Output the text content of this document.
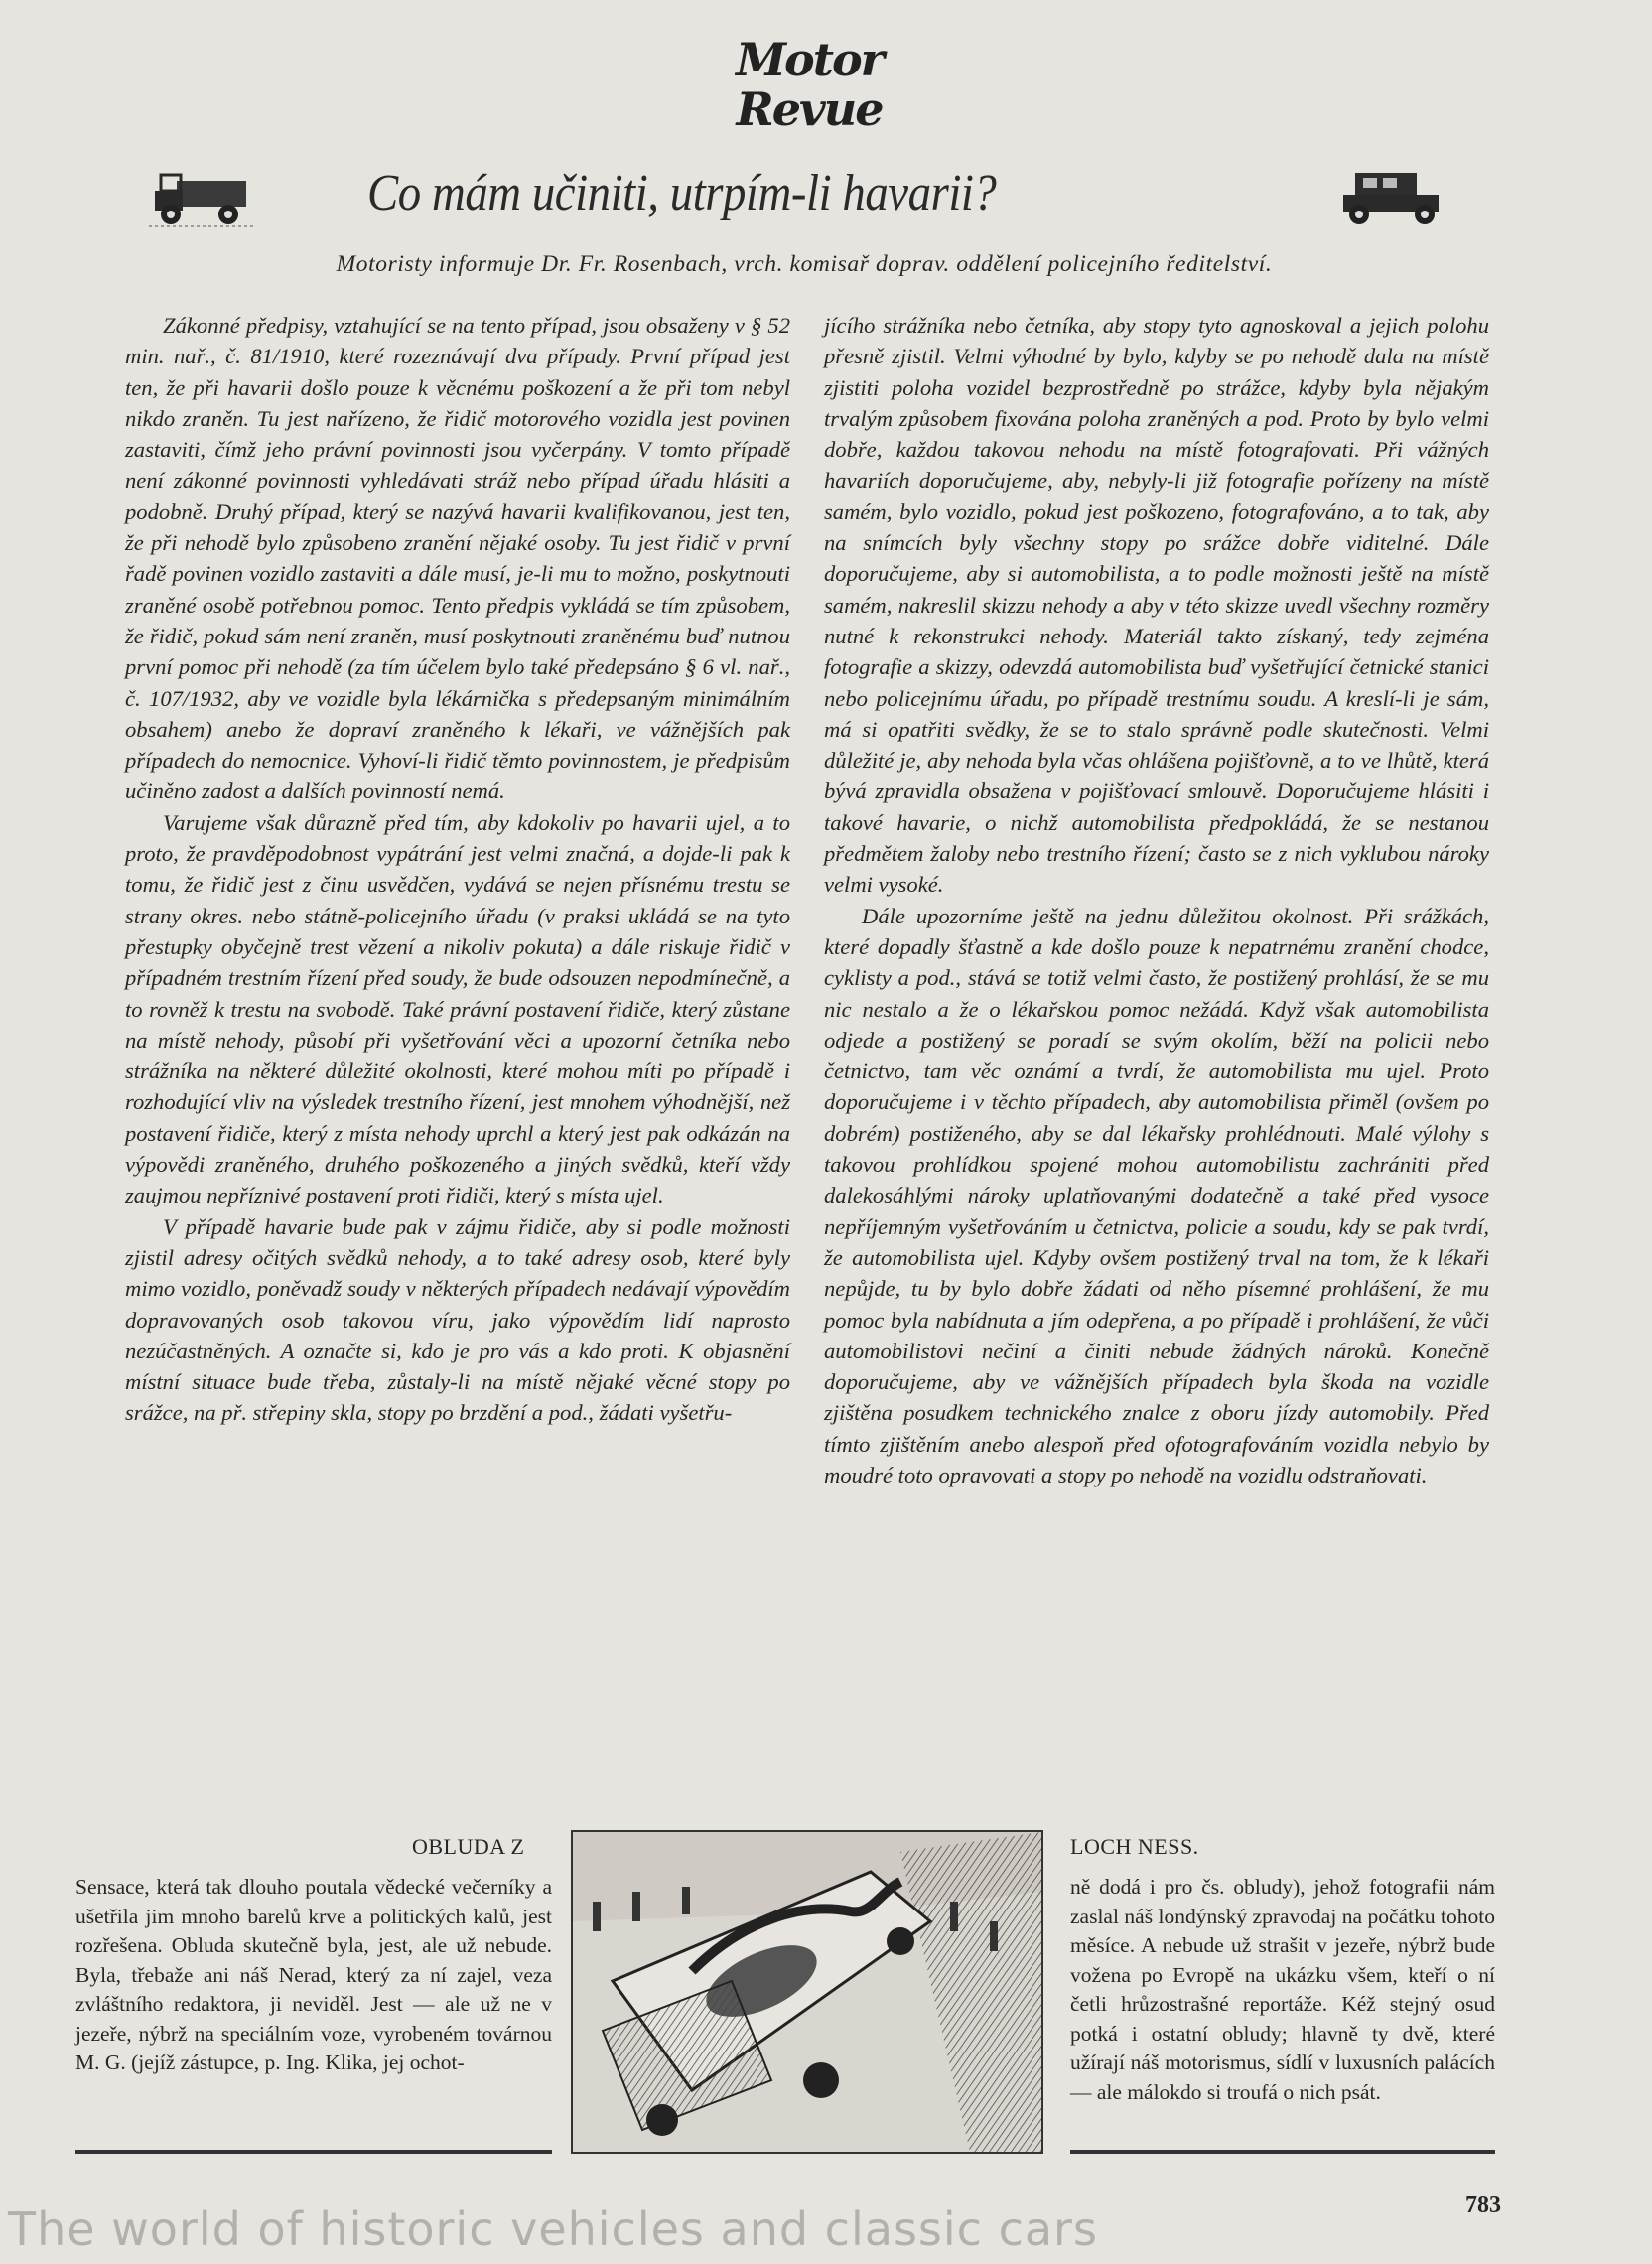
Motor
Revue
Co mám učiniti, utrpím-li havarii?
Motoristy informuje Dr. Fr. Rosenbach, vrch. komisař doprav. oddělení policejního ředitelství.

Zákonné předpisy, vztahující se na tento případ, jsou obsaženy v § 52 min. nař., č. 81/1910, které rozeznávají dva případy. První případ jest ten, že při havarii došlo pouze k věcnému poškození a že při tom nebyl nikdo zraněn. Tu jest nařízeno, že řidič motorového vozidla jest povinen zastaviti, čímž jeho právní povinnosti jsou vyčerpány. V tomto případě není zákonné povinnosti vyhledávati stráž nebo případ úřadu hlásiti a podobně. Druhý případ, který se nazývá havarii kvalifikovanou, jest ten, že při nehodě bylo způsobeno zranění nějaké osoby. Tu jest řidič v první řadě povinen vozidlo zastaviti a dále musí, je-li mu to možno, poskytnouti zraněné osobě potřebnou pomoc. Tento předpis vykládá se tím způsobem, že řidič, pokud sám není zraněn, musí poskytnouti zraněnému buď nutnou první pomoc při nehodě (za tím účelem bylo také předepsáno § 6 vl. nař., č. 107/1932, aby ve vozidle byla lékárnička s předepsaným minimálním obsahem) anebo že dopraví zraněného k lékaři, ve vážnějších pak případech do nemocnice. Vyhoví-li řidič těmto povinnostem, je předpisům učiněno zadost a dalších povinností nemá.

Varujeme však důrazně před tím, aby kdokoliv po havarii ujel, a to proto, že pravděpodobnost vypátrání jest velmi značná, a dojde-li pak k tomu, že řidič jest z činu usvědčen, vydává se nejen přísnému trestu se strany okres. nebo státně-policejního úřadu (v praksi ukládá se na tyto přestupky obyčejně trest vězení a nikoliv pokuta) a dále riskuje řidič v případném trestním řízení před soudy, že bude odsouzen nepodmínečně, a to rovněž k trestu na svobodě. Také právní postavení řidiče, který zůstane na místě nehody, působí při vyšetřování věci a upozorní četníka nebo strážníka na některé důležité okolnosti, které mohou míti po případě i rozhodující vliv na výsledek trestního řízení, jest mnohem výhodnější, než postavení řidiče, který z místa nehody uprchl a který jest pak odkázán na výpovědi zraněného, druhého poškozeného a jiných svědků, kteří vždy zaujmou nepříznivé postavení proti řidiči, který s místa ujel.

V případě havarie bude pak v zájmu řidiče, aby si podle možnosti zjistil adresy očitých svědků nehody, a to také adresy osob, které byly mimo vozidlo, poněvadž soudy v některých případech nedávají výpovědím dopravovaných osob takovou víru, jako výpovědím lidí naprosto nezúčastněných. A označte si, kdo je pro vás a kdo proti. K objasnění místní situace bude třeba, zůstaly-li na místě nějaké věcné stopy po srážce, na př. střepiny skla, stopy po brzdění a pod., žádati vyšetřu-

jícího strážníka nebo četníka, aby stopy tyto agnoskoval a jejich polohu přesně zjistil. Velmi výhodné by bylo, kdyby se po nehodě dala na místě zjistiti poloha vozidel bezprostředně po strážce, kdyby byla nějakým trvalým způsobem fixována poloha zraněných a pod. Proto by bylo velmi dobře, každou takovou nehodu na místě fotografovati. Při vážných havariích doporučujeme, aby, nebyly-li již fotografie pořízeny na místě samém, bylo vozidlo, pokud jest poškozeno, fotografováno, a to tak, aby na snímcích byly všechny stopy po srážce dobře viditelné. Dále doporučujeme, aby si automobilista, a to podle možnosti ještě na místě samém, nakreslil skizzu nehody a aby v této skizze uvedl všechny rozměry nutné k rekonstrukci nehody. Materiál takto získaný, tedy zejména fotografie a skizzy, odevzdá automobilista buď vyšetřující četnické stanici nebo policejnímu úřadu, po případě trestnímu soudu. A kreslí-li je sám, má si opatřiti svědky, že se to stalo správně podle skutečnosti. Velmi důležité je, aby nehoda byla včas ohlášena pojišťovně, a to ve lhůtě, která bývá zpravidla obsažena v pojišťovací smlouvě. Doporučujeme hlásiti i takové havarie, o nichž automobilista předpokládá, že se nestanou předmětem žaloby nebo trestního řízení; často se z nich vyklubou nároky velmi vysoké.

Dále upozorníme ještě na jednu důležitou okolnost. Při srážkách, které dopadly šťastně a kde došlo pouze k nepatrnému zranění chodce, cyklisty a pod., stává se totiž velmi často, že postižený prohlásí, že se mu nic nestalo a že o lékařskou pomoc nežádá. Když však automobilista odjede a postižený se poradí se svým okolím, běží na policii nebo četnictvo, tam věc oznámí a tvrdí, že automobilista mu ujel. Proto doporučujeme i v těchto případech, aby automobilista přiměl (ovšem po dobrém) postiženého, aby se dal lékařsky prohlédnouti. Malé výlohy s takovou prohlídkou spojené mohou automobilistu zachrániti před dalekosáhlými nároky uplatňovanými dodatečně a také před vysoce nepříjemným vyšetřováním u četnictva, policie a soudu, kdy se pak tvrdí, že automobilista ujel. Kdyby ovšem postižený trval na tom, že k lékaři nepůjde, tu by bylo dobře žádati od něho písemné prohlášení, že mu pomoc byla nabídnuta a jím odepřena, a po případě i prohlášení, že vůči automobilistovi nečiní a činiti nebude žádných nároků. Konečně doporučujeme, aby ve vážnějších případech byla škoda na vozidle zjištěna posudkem technického znalce z oboru jízdy automobily. Před tímto zjištěním anebo alespoň před ofotografováním vozidla nebylo by moudré toto opravovati a stopy po nehodě na vozidlu odstraňovati.

OBLUDA Z	LOCH NESS.
Sensace, která tak dlouho poutala vědecké večerníky a ušetřila jim mnoho barelů krve a politických kalů, jest rozřešena. Obluda skutečně byla, jest, ale už nebude. Byla, třebaže ani náš Nerad, který za ní zajel, veza zvláštního redaktora, ji neviděl. Jest — ale už ne v jezeře, nýbrž na speciálním voze, vyrobeném továrnou M. G. (jejíž zástupce, p. Ing. Klika, jej ochot-
ně dodá i pro čs. obludy), jehož fotografii nám zaslal náš londýnský zpravodaj na počátku tohoto měsíce. A nebude už strašit v jezeře, nýbrž bude vožena po Evropě na ukázku všem, kteří o ní četli hrůzostrašné reportáže. Kéž stejný osud potká i ostatní obludy; hlavně ty dvě, které užírají náš motorismus, sídlí v luxusních palácích — ale málokdo si troufá o nich psát.
783
The world of historic vehicles and classic cars
